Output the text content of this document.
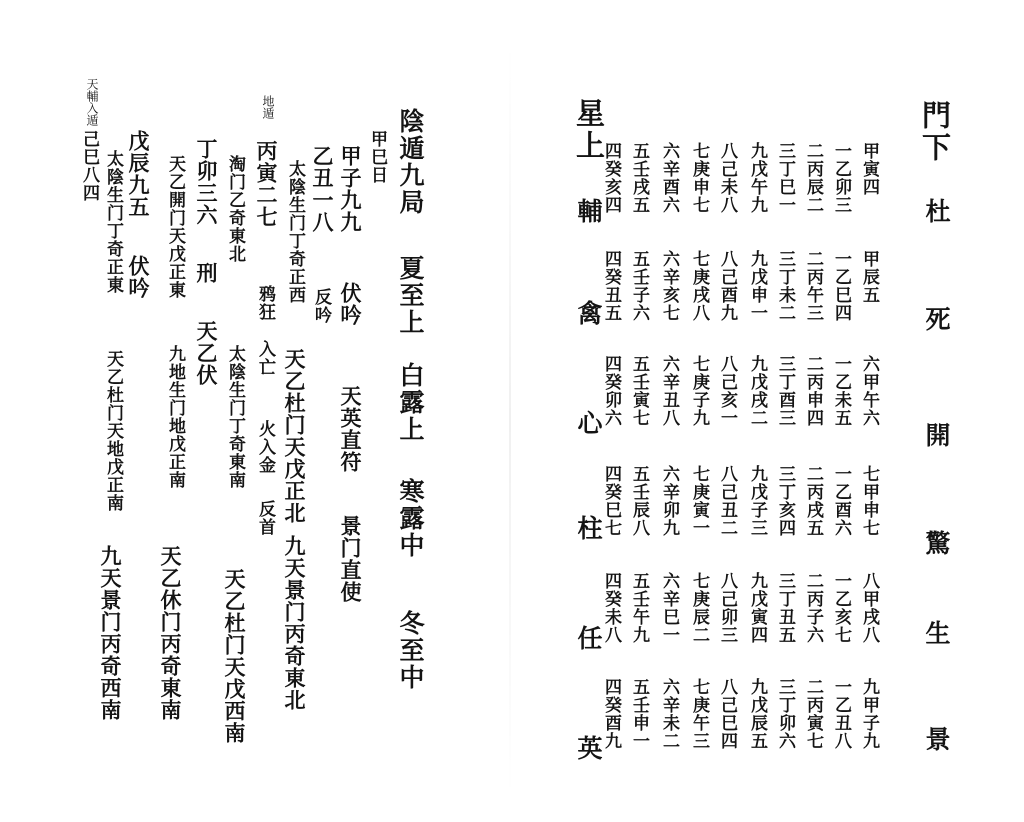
陰遁九局
夏至上
白露上
寒露中
冬至中
天英直符
景门直使
甲巳日
甲子九九
伏吟
九天景门丙奇東北
乙丑一八
反吟
天乙杜门天戊正北
太陰生门丁奇正西
反首
天乙杜门天戊西南
地遁
丙寅二七
鸦狂
入亡
火入金
淘门乙奇東北
太陰生门丁奇東南
天乙休门丙奇東南
丁卯三六
刑
天乙伏
天乙開门天戊正東
九地生门地戊正南
戊辰九五
伏吟
太陰生门丁奇正東
天乙杜门天地戊正南
九天景门丙奇西南
天輔入遁
己巳八四
門
下
杜
死
開
驚
生
景
星上
輔
禽
心
柱
任
英
甲寅四
甲辰五
六甲午六
七甲申七
八甲戌八
九甲子九
一乙卯三
一乙巳四
一乙未五
一乙酉六
一乙亥七
一乙丑八
二丙辰二
二丙午三
二丙申四
二丙戌五
二丙子六
二丙寅七
三丁巳一
三丁未二
三丁酉三
三丁亥四
三丁丑五
三丁卯六
九戊午九
九戊申一
九戊戌二
九戊子三
九戊寅四
九戊辰五
八己未八
八己酉九
八己亥一
八己丑二
八己卯三
八己巳四
七庚申七
七庚戌八
七庚子九
七庚寅一
七庚辰二
七庚午三
六辛酉六
六辛亥七
六辛丑八
六辛卯九
六辛巳一
六辛未二
五壬戌五
五壬子六
五壬寅七
五壬辰八
五壬午九
五壬申一
四癸亥四
四癸丑五
四癸卯六
四癸巳七
四癸未八
四癸酉九
